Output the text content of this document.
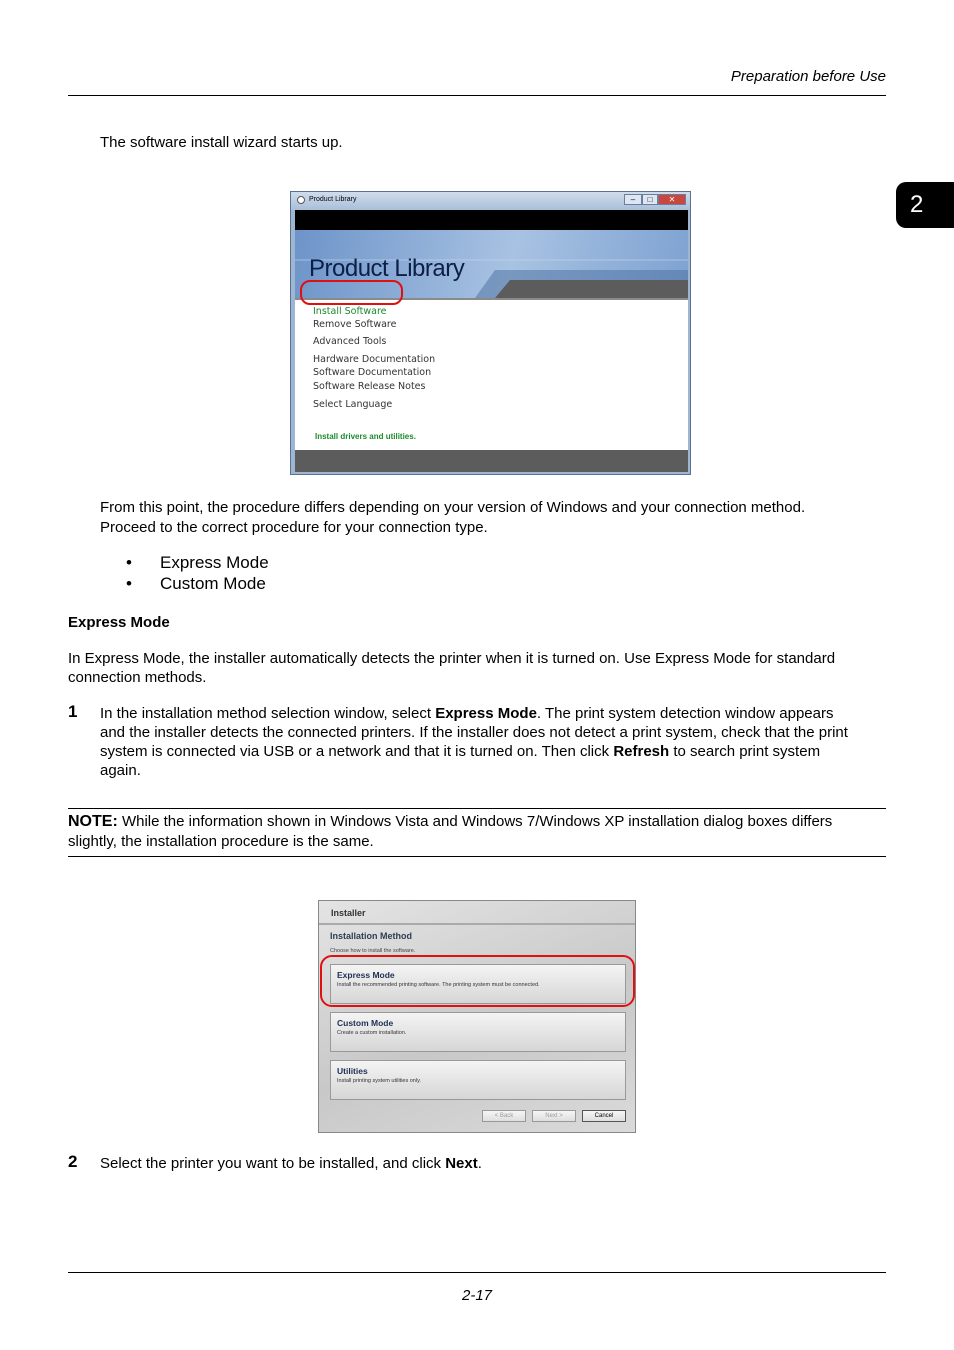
Preparation before Use
2
The software install wizard starts up.
Product Library	–	□	✕
Product Library
Install Software
Remove Software
Advanced Tools
Hardware Documentation
Software Documentation
Software Release Notes
Select Language
Install drivers and utilities.
From this point, the procedure differs depending on your version of Windows and your connection method.
Proceed to the correct procedure for your connection type.
•	Express Mode
•	Custom Mode
Express Mode
In Express Mode, the installer automatically detects the printer when it is turned on. Use Express Mode for standard
connection methods.
1 In the installation method selection window, select Express Mode. The print system detection window appears
and the installer detects the connected printers. If the installer does not detect a print system, check that the print
system is connected via USB or a network and that it is turned on. Then click Refresh to search print system
again.
NOTE: While the information shown in Windows Vista and Windows 7/Windows XP installation dialog boxes differs
slightly, the installation procedure is the same.
Installer
Installation Method
Choose how to install the software.
Express Mode
Install the recommended printing software. The printing system must be connected.
Custom Mode
Create a custom installation.
Utilities
Install printing system utilities only.
< Back	Next >	Cancel
2 Select the printer you want to be installed, and click Next.
2-17
